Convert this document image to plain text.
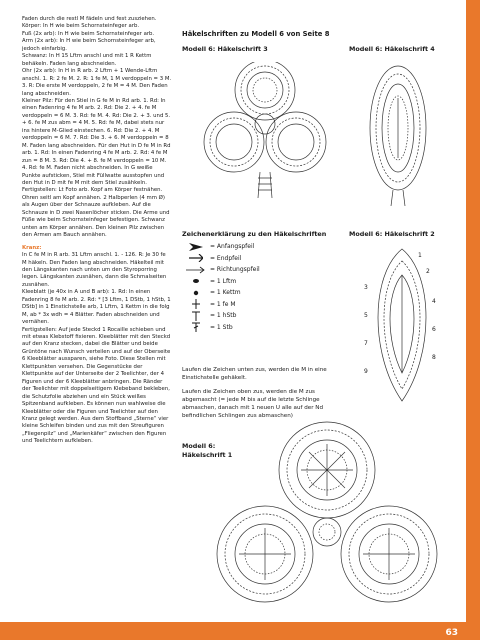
Faden durch die restl M fädeln und fest zusziehen.

Körper: In H wie beim Schornsteinfeger arb.

Fuß (2x arb): In H wie beim Schornsteinfeger arb.

Arm (2x arb): In H wie beim Schornsteinfeger arb, jedoch einfarbig.

Schwanz: In H 15 Lftm anschl und mit 1 R Kettm behäkeln. Faden lang abschneiden.

Ohr (2x arb): In H in R arb. 2 Lftm + 1 Wende-Lftm anschl. 1. R: 2 fe M. 2. R: 1 fe M, 1 M verdoppeln = 3 M. 3. R: Die erste M verdoppeln, 2 fe M = 4 M. Den Faden lang abschneiden.

Kleiner Pilz: Für den Stiel in G fe M in Rd arb. 1. Rd: In einen Fadenring 4 fe M arb. 2. Rd: Die 2. + 4. fe M verdoppeln = 6 M. 3. Rd: fe M. 4. Rd: Die 2. + 3. und 5. + 6. fe M zus abm = 4 M. 5. Rd: fe M, dabei stets nur ins hintere M-Glied einstechen. 6. Rd: Die 2. + 4. M verdoppeln = 6 M. 7. Rd: Die 3. + 6. M verdoppeln = 8 M. Faden lang abschneiden. Für den Hut in D fe M in Rd arb. 1. Rd: In einen Fadenring 4 fe M arb. 2. Rd: 4 fe M zun = 8 M. 3. Rd: Die 4. + 8. fe M verdoppeln = 10 M. 4. Rd: fe M. Faden nicht abschneiden. In G weiße Punkte aufsticken, Stiel mit Füllwatte ausstopfen und den Hut in D mit fe M mit dem Stiel zusähkeln.

Fertigstellen: Lt Foto arb. Kopf am Körper festnähen. Ohren seitl am Kopf annähen. 2 Halbperlen (4 mm Ø) als Augen über der Schnauze aufkleben. Auf die Schnauze in D zwei Nasenlöcher sticken. Die Arme und Füße wie beim Schornsteinfeger befestigen. Schwanz unten am Körper annähen. Den kleinen Pilz zwischen den Armen am Bauch annähen.

Kranz:

In C fe M in R arb. 31 Lftm anschl. 1. - 126. R: Je 30 fe M häkeln. Den Faden lang abschneiden. Häkelteil mit den Längskanten nach unten um den Styroporring legen. Längskanten zusnähen, dann die Schmalseiten zusnähen.

Kleeblatt (je 40x in A und B arb): 1. Rd: In einen Fadenring 8 fe M arb. 2. Rd: * [3 Lftm, 1 DStb, 1 hStb, 1 DStb] in 1 Einstichstelle arb, 1 Lftm, 1 Kettm in die folg M, ab * 3x wdh = 4 Blätter. Faden abschneiden und vernähen.

Fertigstellen: Auf jede Steckd 1 Rocaille schieben und mit etwas Klebstoff fixieren. Kleeblätter mit den Steckd auf den Kranz stecken, dabei die Blätter und beide Grüntöne nach Wunsch verteilen und auf der Oberseite 6 Kleeblätter aussparen, siehe Foto. Diese Stellen mit Klettpunkten versehen. Die Gegenstücke der Klettpunkte auf der Unterseite der 2 Teelichter, der 4 Figuren und der 6 Kleeblätter anbringen. Die Ränder der Teelichter mit doppelseitigem Klebeband bekleben, die Schutzfolie abziehen und ein Stück weißes Spitzenband aufkleben. Es können nun wahlweise die Kleeblätter oder die Figuren und Teelichter auf den Kranz gelegt werden. Aus dem Stoffband „Sterne“ vier kleine Schleifen binden und zus mit den Streufiguren „Fliegenpilz“ und „Marienkäfer“ zwischen den Figuren und Teelichtern aufkleben.

Häkelschriften zu Modell 6 von Seite 8
Modell 6: Häkelschrift 3	Modell 6: Häkelschrift 4
Modell 6: Häkelschrift 2
Modell 6:
Häkelschrift 1
1
2
3
4
5
6
7
8
9
Zeichenerklärung zu den Häkelschriften
= Anfangspfeil
= Endpfeil
= Richtungspfeil
= 1 Lftm
= 1 Kettm
= 1 fe M
= 1 hStb
= 1 Stb

Laufen die Zeichen unten zus, werden die M in eine Einstichstelle gehäkelt.

Laufen die Zeichen oben zus, werden die M zus abgemascht (= jede M bis auf die letzte Schlinge abmaschen, danach mit 1 neuen U alle auf der Nd befindlichen Schlingen zus abmaschen)

63
